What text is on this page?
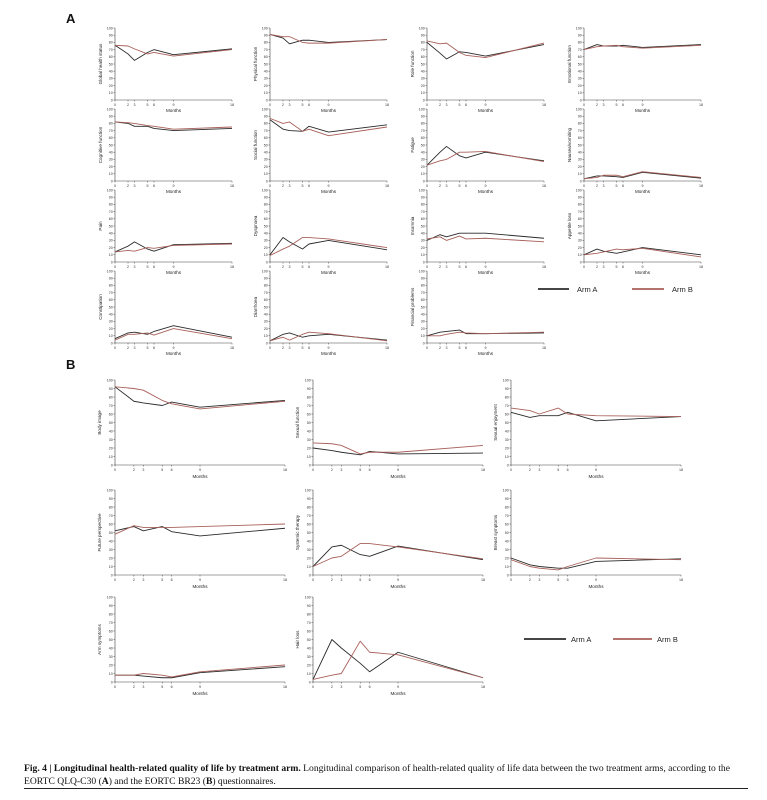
A
B
0
10
20
30
40
50
60
70
80
90
100
0	2 3	5 6	9	18
Months
Global health status
0
10
20
30
40
50
60
70
80
90
100
0	2 3	5 6	9	18
Months
Physical function
0
10
20
30
40
50
60
70
80
90
100
0	2 3	5 6	9	18
Months
Role function
0
10
20
30
40
50
60
70
80
90
100
0	2 3	5 6	9	18
Months
Emotional function
0
10
20
30
40
50
60
70
80
90
100
0	2 3	5 6	9	18
Months
Cognitive function
0
10
20
30
40
50
60
70
80
90
100
0	2 3	5 6	9	18
Months
Social function
0
10
20
30
40
50
60
70
80
90
100
0	2 3	5 6	9	18
Months
Fatigue
0
10
20
30
40
50
60
70
80
90
100
0	2 3	5 6	9	18
Months
Nausea/vomiting
0
10
20
30
40
50
60
70
80
90
100
0	2 3	5 6	9	18
Months
Pain
0
10
20
30
40
50
60
70
80
90
100
0	2 3	5 6	9	18
Months
Dyspnoea
0
10
20
30
40
50
60
70
80
90
100
0	2 3	5 6	9	18
Months
Insomnia
0
10
20
30
40
50
60
70
80
90
100
0	2 3	5 6	9	18
Months
Appetite loss
0
10
20
30
40
50
60
70
80
90
100
0	2 3	5 6	9	18
Months
Constipation
0
10
20
30
40
50
60
70
80
90
100
0	2 3	5 6	9	18
Months
Diarrhoea
0
10
20
30
40
50
60
70
80
90
100
0	2 3	5 6	9	18
Months
Financial problems
0
10
20
30
40
50
60
70
80
90
100
0	2 3	5 6	9	18
Months
Body image
0
10
20
30
40
50
60
70
80
90
100
0	2 3	5 6	9	18
Months
Sexual function
0
10
20
30
40
50
60
70
80
90
100
0	2 3	5 6	9	18
Months
Sexual enjoyment
0
10
20
30
40
50
60
70
80
90
100
0	2 3	5 6	9	18
Months
Future perspective
0
10
20
30
40
50
60
70
80
90
100
0	2 3	5 6	9	18
Months
Systemic therapy
0
10
20
30
40
50
60
70
80
90
100
0	2 3	5 6	9	18
Months
Breast symptoms
0
10
20
30
40
50
60
70
80
90
100
0	2 3	5 6	9	18
Months
Arm symptoms
0
10
20
30
40
50
60
70
80
90
100
0	2 3	5 6	9	18
Months
Hair loss
Arm A	Arm B
Arm A	Arm B
Fig. 4 | Longitudinal health-related quality of life by treatment arm. Longitudinal comparison of health-related quality of life data between the two treatment arms, according to the EORTC QLQ-C30 (A) and the EORTC BR23 (B) questionnaires.
